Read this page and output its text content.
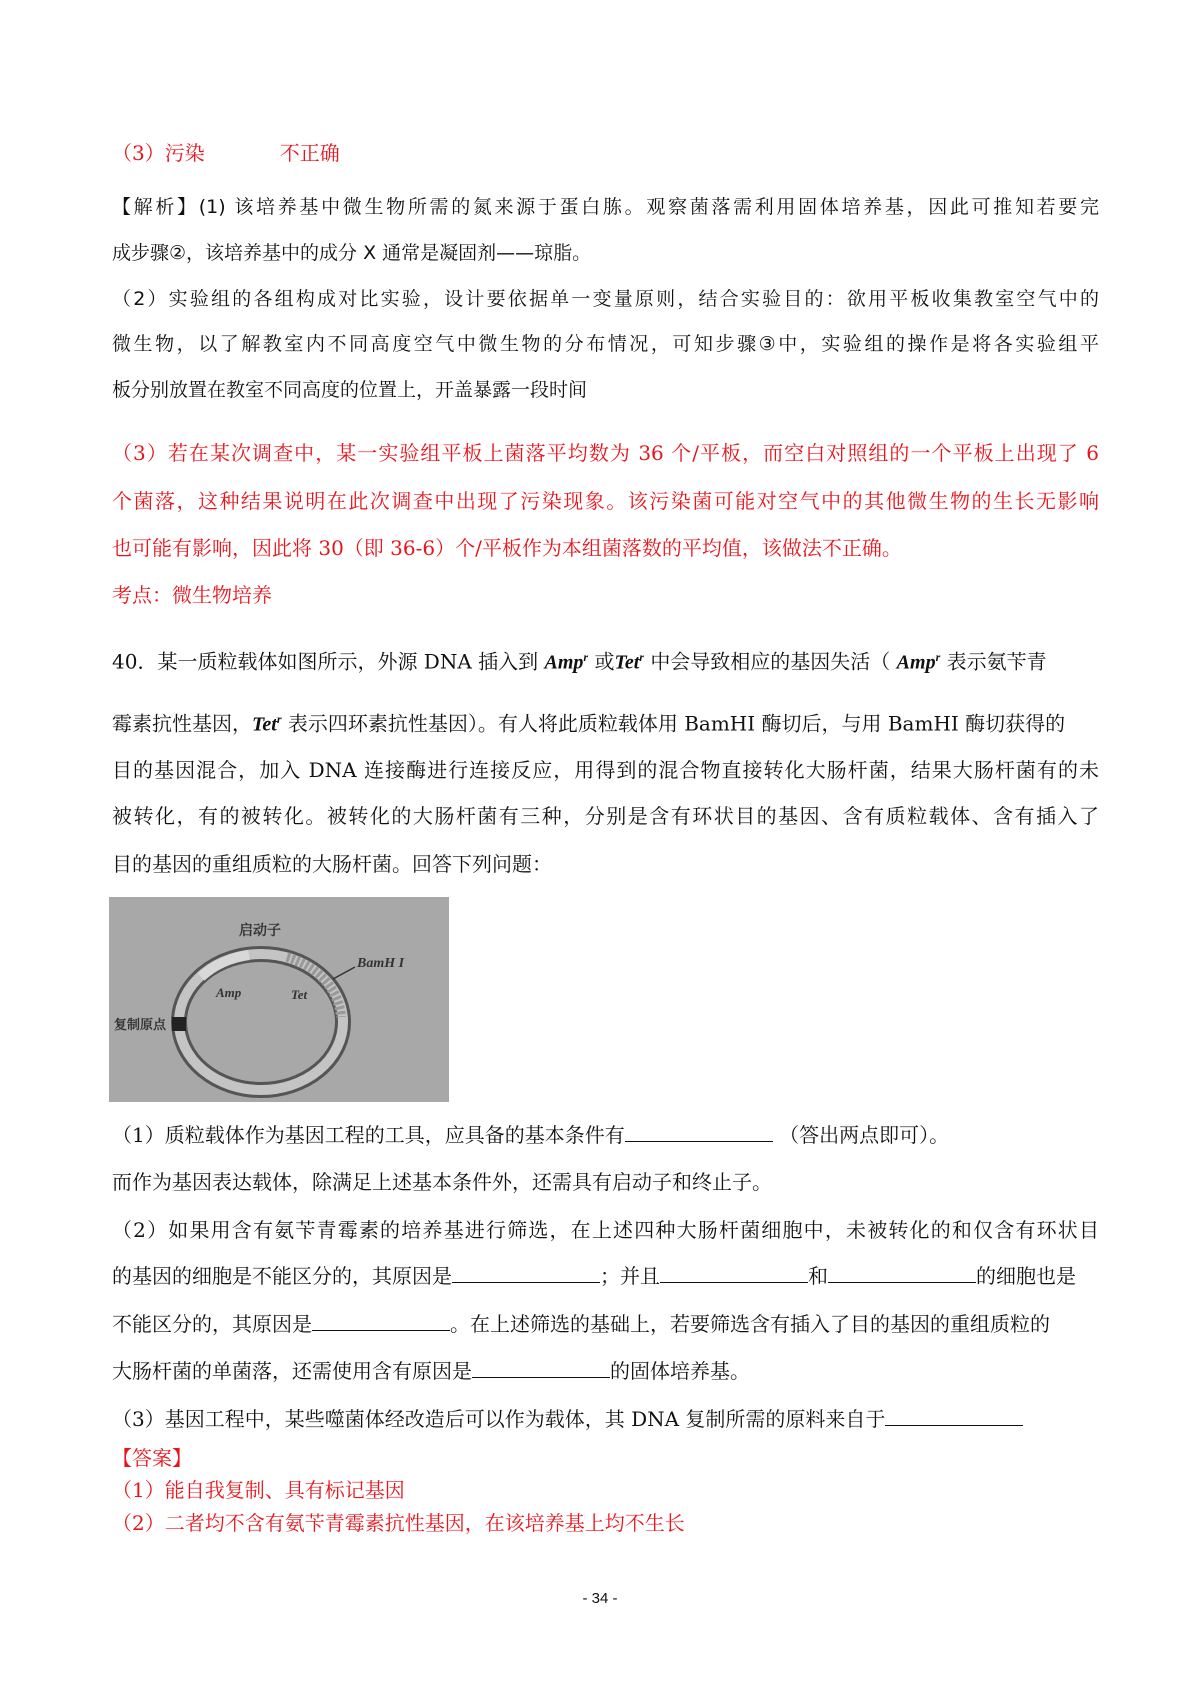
（3）污染	不正确
【解析】(1) 该培养基中微生物所需的氮来源于蛋白胨。观察菌落需利用固体培养基，因此可推知若要完
成步骤②，该培养基中的成分 X 通常是凝固剂——琼脂。
（2）实验组的各组构成对比实验，设计要依据单一变量原则，结合实验目的：欲用平板收集教室空气中的
微生物，以了解教室内不同高度空气中微生物的分布情况，可知步骤③中，实验组的操作是将各实验组平
板分别放置在教室不同高度的位置上，开盖暴露一段时间
（3）若在某次调查中，某一实验组平板上菌落平均数为 36 个/平板，而空白对照组的一个平板上出现了 6
个菌落，这种结果说明在此次调查中出现了污染现象。该污染菌可能对空气中的其他微生物的生长无影响
也可能有影响，因此将 30（即 36-6）个/平板作为本组菌落数的平均值，该做法不正确。
考点：微生物培养
40．某一质粒载体如图所示，外源 DNA 插入到 Amp$^r$ 或Tet$^r$ 中会导致相应的基因失活（ Amp$^r$ 表示氨苄青
霉素抗性基因，Tet$^r$ 表示四环素抗性基因）。有人将此质粒载体用 BamHI 酶切后，与用 BamHI 酶切获得的
目的基因混合，加入 DNA 连接酶进行连接反应，用得到的混合物直接转化大肠杆菌，结果大肠杆菌有的未
被转化，有的被转化。被转化的大肠杆菌有三种，分别是含有环状目的基因、含有质粒载体、含有插入了
目的基因的重组质粒的大肠杆菌。回答下列问题：
启动子
BamH I
Amp	Tet
复制原点
（1）质粒载体作为基因工程的工具，应具备的基本条件有	（答出两点即可）。
而作为基因表达载体，除满足上述基本条件外，还需具有启动子和终止子。
（2）如果用含有氨苄青霉素的培养基进行筛选，在上述四种大肠杆菌细胞中，未被转化的和仅含有环状目
的基因的细胞是不能区分的，其原因是	；并且	和	的细胞也是
不能区分的，其原因是	。在上述筛选的基础上，若要筛选含有插入了目的基因的重组质粒的
大肠杆菌的单菌落，还需使用含有原因是	的固体培养基。
（3）基因工程中，某些噬菌体经改造后可以作为载体，其 DNA 复制所需的原料来自于
【答案】
（1）能自我复制、具有标记基因
（2）二者均不含有氨苄青霉素抗性基因，在该培养基上均不生长
- 34 -
